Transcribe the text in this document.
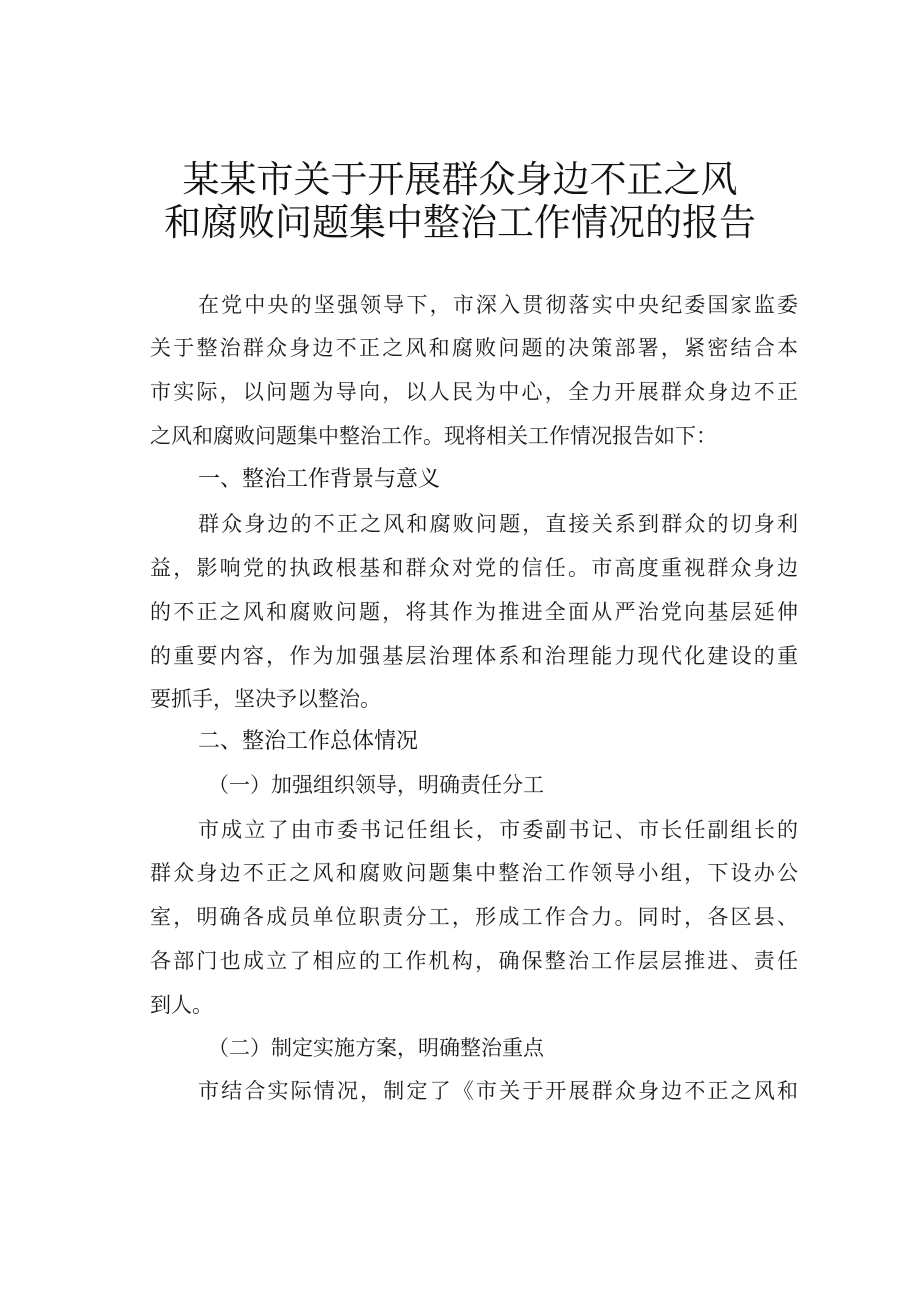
某某市关于开展群众身边不正之风
和腐败问题集中整治工作情况的报告
在党中央的坚强领导下，市深入贯彻落实中央纪委国家监委
关于整治群众身边不正之风和腐败问题的决策部署，紧密结合本
市实际，以问题为导向，以人民为中心，全力开展群众身边不正
之风和腐败问题集中整治工作。现将相关工作情况报告如下：
一、整治工作背景与意义
群众身边的不正之风和腐败问题，直接关系到群众的切身利
益，影响党的执政根基和群众对党的信任。市高度重视群众身边
的不正之风和腐败问题，将其作为推进全面从严治党向基层延伸
的重要内容，作为加强基层治理体系和治理能力现代化建设的重
要抓手，坚决予以整治。
二、整治工作总体情况
（一）加强组织领导，明确责任分工
市成立了由市委书记任组长，市委副书记、市长任副组长的
群众身边不正之风和腐败问题集中整治工作领导小组，下设办公
室，明确各成员单位职责分工，形成工作合力。同时，各区县、
各部门也成立了相应的工作机构，确保整治工作层层推进、责任
到人。
（二）制定实施方案，明确整治重点
市结合实际情况，制定了《市关于开展群众身边不正之风和
